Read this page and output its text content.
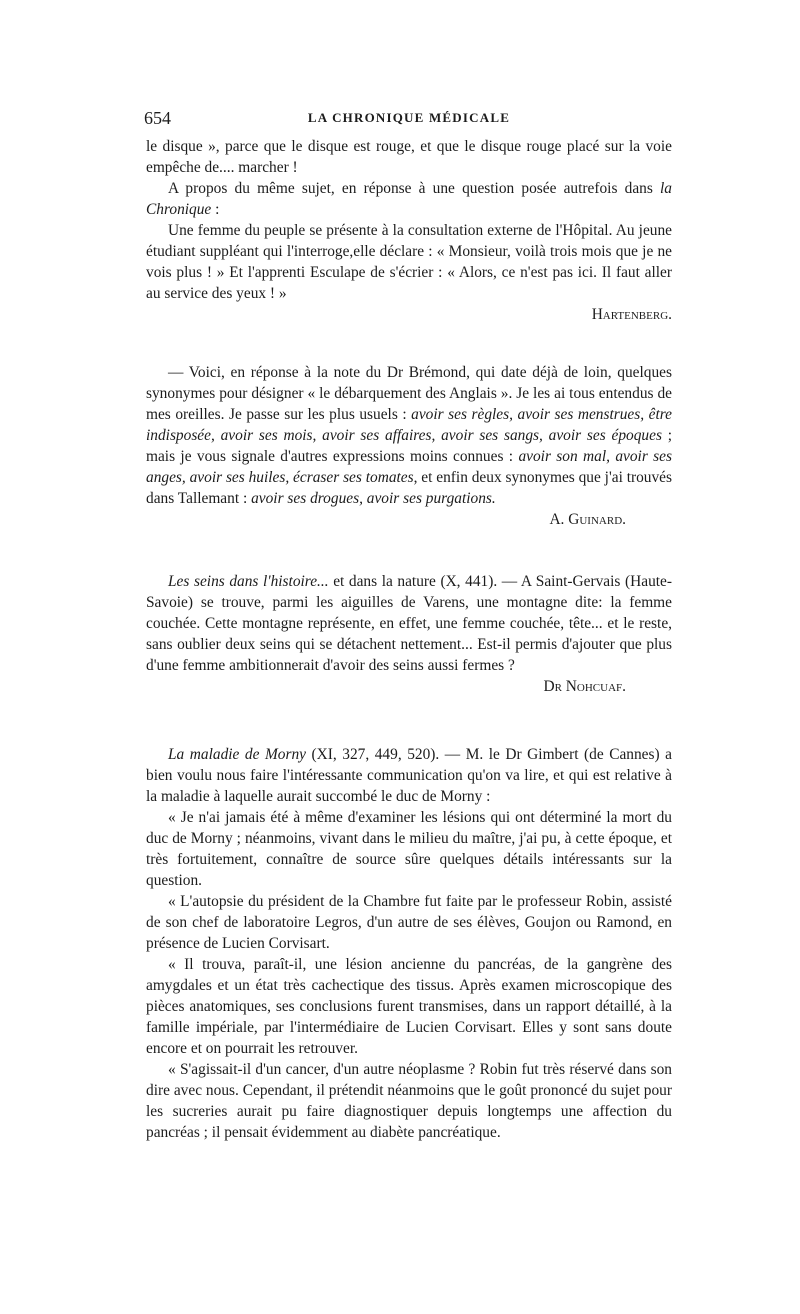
654	LA CHRONIQUE MÉDICALE

le disque », parce que le disque est rouge, et que le disque rouge placé sur la voie empêche de.... marcher !

A propos du même sujet, en réponse à une question posée autrefois dans la Chronique :

Une femme du peuple se présente à la consultation externe de l'Hôpital. Au jeune étudiant suppléant qui l'interroge,elle déclare : « Monsieur, voilà trois mois que je ne vois plus ! » Et l'apprenti Esculape de s'écrier : « Alors, ce n'est pas ici. Il faut aller au service des yeux ! »

Hartenberg.

— Voici, en réponse à la note du Dr Brémond, qui date déjà de loin, quelques synonymes pour désigner « le débarquement des Anglais ». Je les ai tous entendus de mes oreilles. Je passe sur les plus usuels : avoir ses règles, avoir ses menstrues, être indisposée, avoir ses mois, avoir ses affaires, avoir ses sangs, avoir ses époques ; mais je vous signale d'autres expressions moins connues : avoir son mal, avoir ses anges, avoir ses huiles, écraser ses tomates, et enfin deux synonymes que j'ai trouvés dans Tallemant : avoir ses drogues, avoir ses purgations.

A. Guinard.

Les seins dans l'histoire... et dans la nature (X, 441). — A Saint-Gervais (Haute-Savoie) se trouve, parmi les aiguilles de Varens, une montagne dite: la femme couchée. Cette montagne représente, en effet, une femme couchée, tête... et le reste, sans oublier deux seins qui se détachent nettement... Est-il permis d'ajouter que plus d'une femme ambitionnerait d'avoir des seins aussi fermes ?

Dr Nohcuaf.

La maladie de Morny (XI, 327, 449, 520). — M. le Dr Gimbert (de Cannes) a bien voulu nous faire l'intéressante communication qu'on va lire, et qui est relative à la maladie à laquelle aurait succombé le duc de Morny :

« Je n'ai jamais été à même d'examiner les lésions qui ont déterminé la mort du duc de Morny ; néanmoins, vivant dans le milieu du maître, j'ai pu, à cette époque, et très fortuitement, connaître de source sûre quelques détails intéressants sur la question.

« L'autopsie du président de la Chambre fut faite par le professeur Robin, assisté de son chef de laboratoire Legros, d'un autre de ses élèves, Goujon ou Ramond, en présence de Lucien Corvisart.

« Il trouva, paraît-il, une lésion ancienne du pancréas, de la gangrène des amygdales et un état très cachectique des tissus. Après examen microscopique des pièces anatomiques, ses conclusions furent transmises, dans un rapport détaillé, à la famille impériale, par l'intermédiaire de Lucien Corvisart. Elles y sont sans doute encore et on pourrait les retrouver.

« S'agissait-il d'un cancer, d'un autre néoplasme ? Robin fut très réservé dans son dire avec nous. Cependant, il prétendit néanmoins que le goût prononcé du sujet pour les sucreries aurait pu faire diagnostiquer depuis longtemps une affection du pancréas ; il pensait évidemment au diabète pancréatique.
